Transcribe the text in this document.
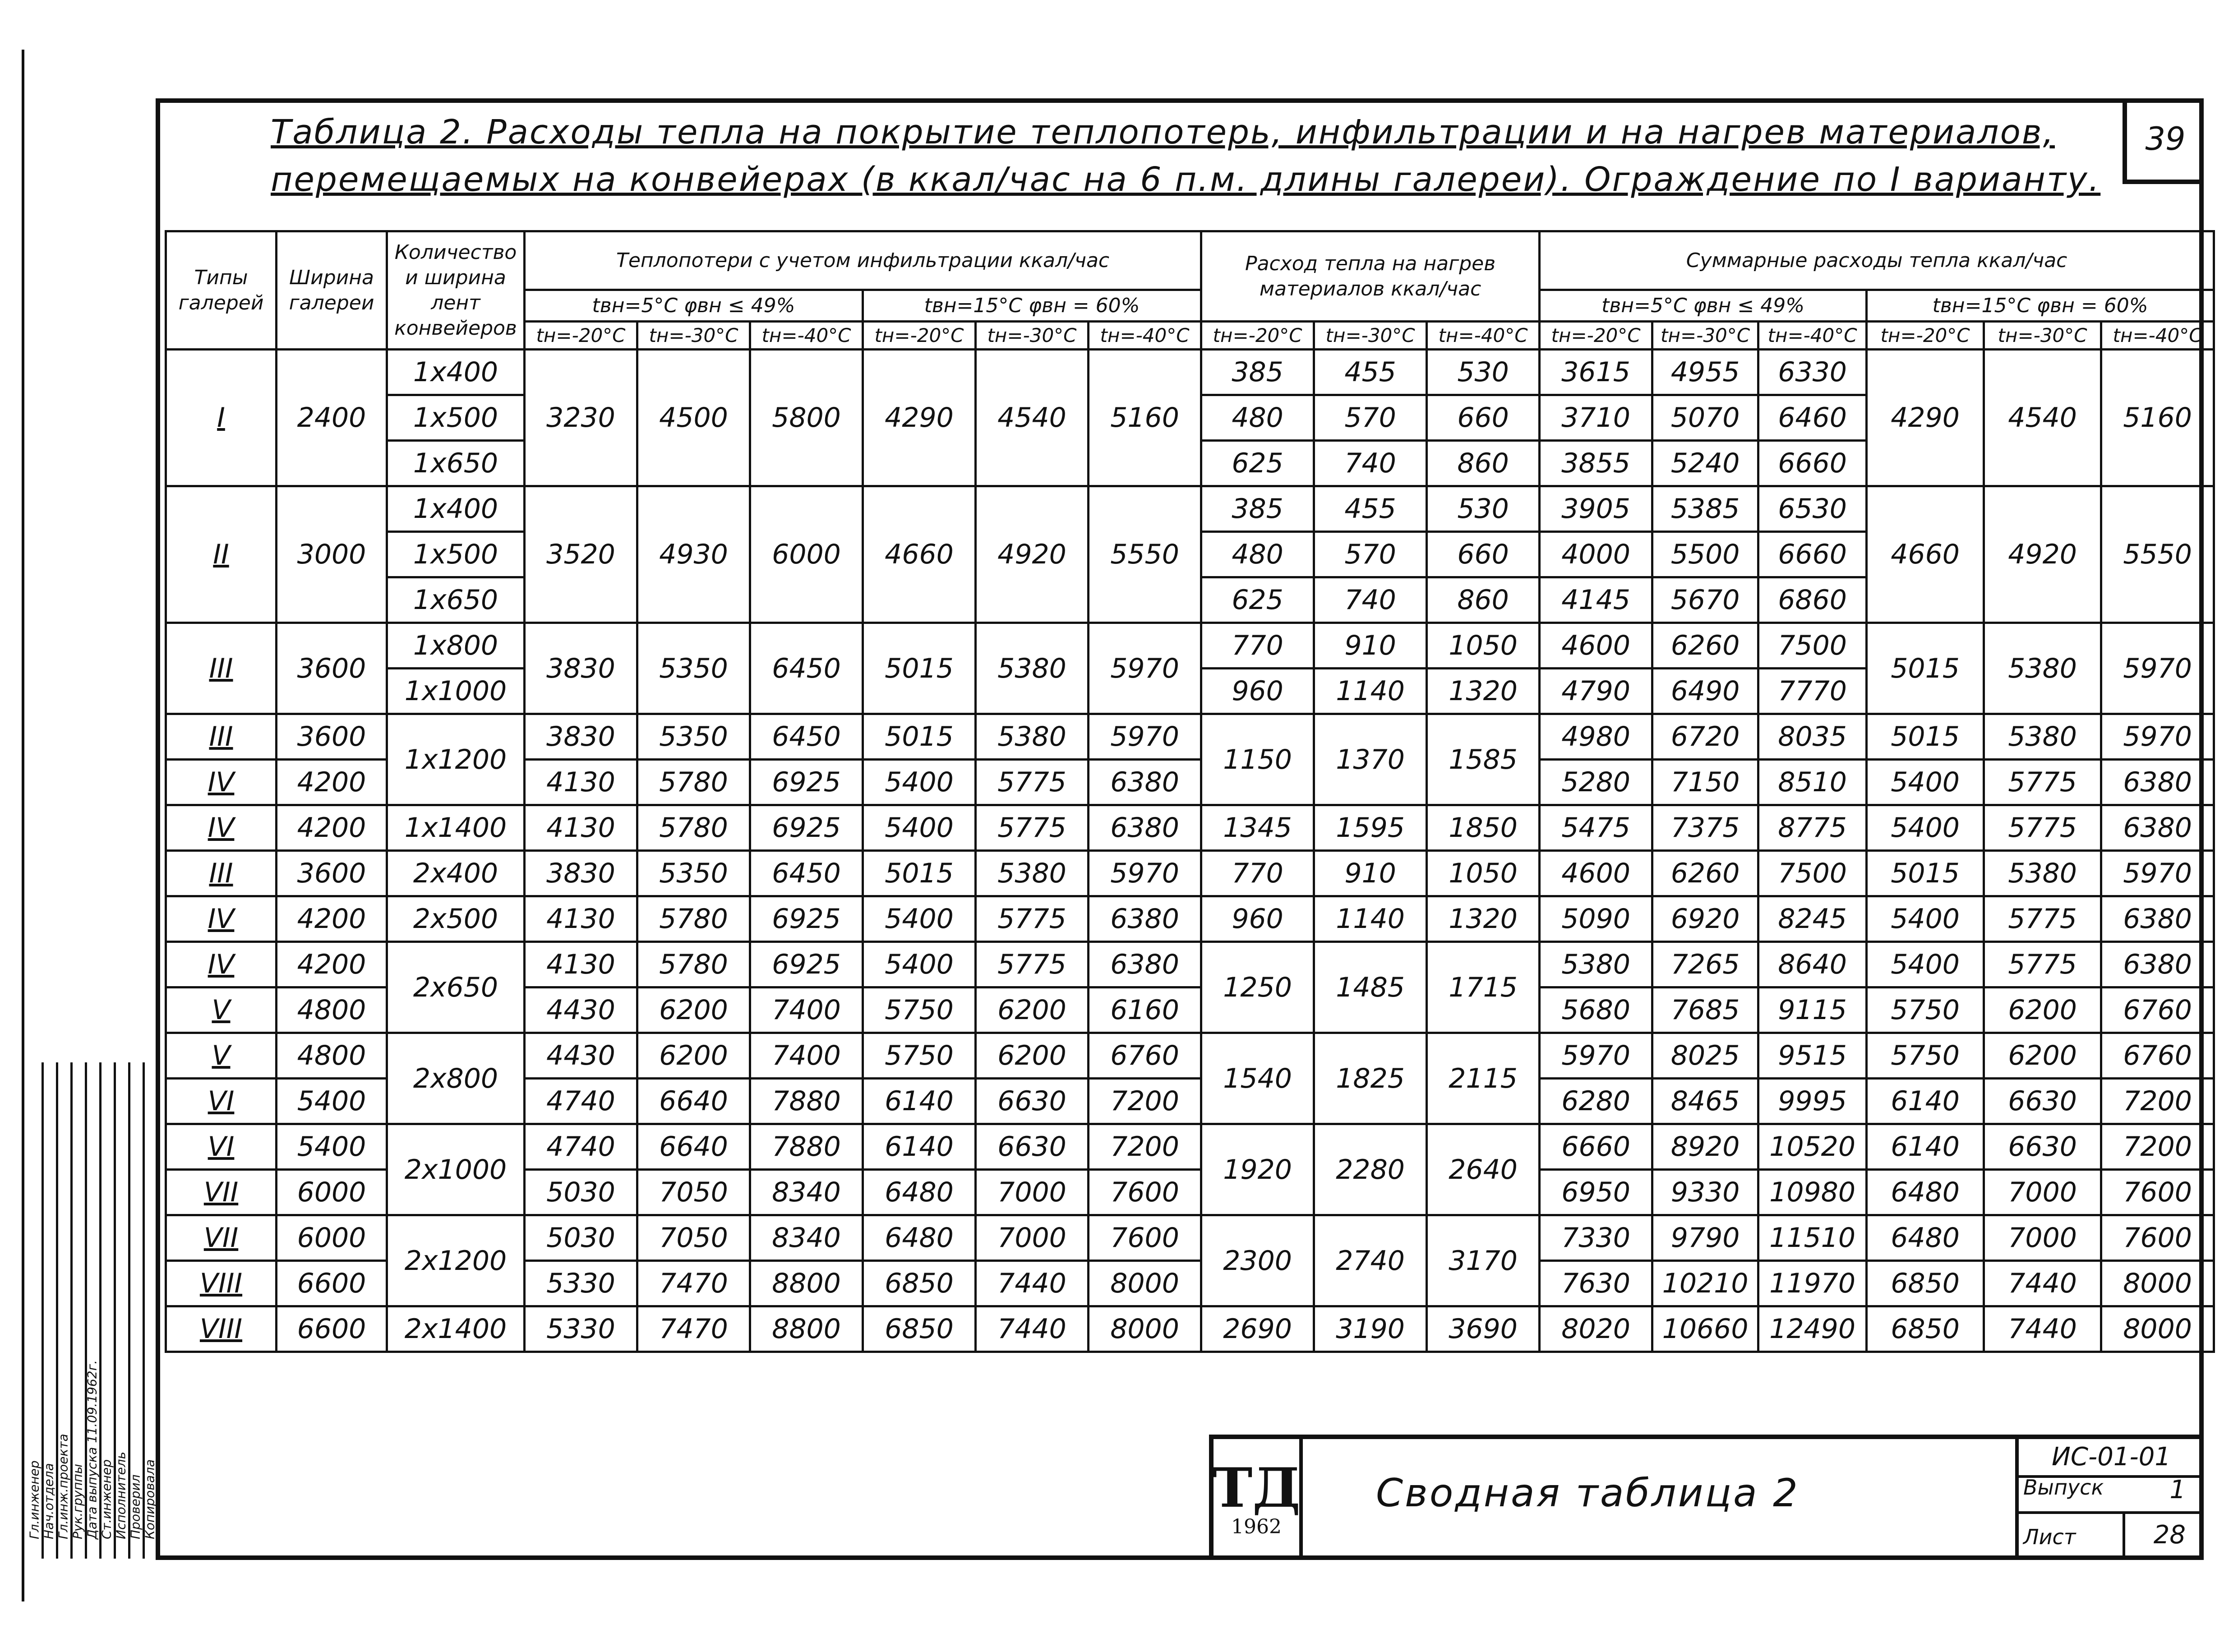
Таблица 2. Расходы тепла на покрытие теплопотерь, инфильтрации и на нагрев материалов,
перемещаемых на конвейерах (в ккал/час на 6 п.м. длины галереи). Ограждение по I варианту.
39
Типы галерей	Ширина галереи	Количество и ширина лент конвейеров	Теплопотери с учетом инфильтрации ккал/час						Расход тепла на нагрев материалов ккал/час			Суммарные расходы тепла ккал/час					
			tвн=5°С φвн ≤ 49%			tвн=15°С φвн = 60%						tвн=5°С φвн ≤ 49%			tвн=15°С φвн = 60%		
			tн=-20°С	tн=-30°С	tн=-40°С	tн=-20°С	tн=-30°С	tн=-40°С	tн=-20°С	tн=-30°С	tн=-40°С	tн=-20°С	tн=-30°С	tн=-40°С	tн=-20°С	tн=-30°С	tн=-40°С
I	2400	1x400	3230	4500	5800	4290	4540	5160	385	455	530	3615	4955	6330	4290	4540	5160
		1x500							480	570	660	3710	5070	6460			
		1x650							625	740	860	3855	5240	6660			
II	3000	1x400	3520	4930	6000	4660	4920	5550	385	455	530	3905	5385	6530	4660	4920	5550
		1x500							480	570	660	4000	5500	6660			
		1x650							625	740	860	4145	5670	6860			
III	3600	1x800	3830	5350	6450	5015	5380	5970	770	910	1050	4600	6260	7500	5015	5380	5970
		1x1000							960	1140	1320	4790	6490	7770			
III	3600	1x1200	3830	5350	6450	5015	5380	5970	1150	1370	1585	4980	6720	8035	5015	5380	5970
IV	4200		4130	5780	6925	5400	5775	6380				5280	7150	8510	5400	5775	6380
IV	4200	1x1400	4130	5780	6925	5400	5775	6380	1345	1595	1850	5475	7375	8775	5400	5775	6380
III	3600	2x400	3830	5350	6450	5015	5380	5970	770	910	1050	4600	6260	7500	5015	5380	5970
IV	4200	2x500	4130	5780	6925	5400	5775	6380	960	1140	1320	5090	6920	8245	5400	5775	6380
IV	4200	2x650	4130	5780	6925	5400	5775	6380	1250	1485	1715	5380	7265	8640	5400	5775	6380
V	4800		4430	6200	7400	5750	6200	6160				5680	7685	9115	5750	6200	6760
V	4800	2x800	4430	6200	7400	5750	6200	6760	1540	1825	2115	5970	8025	9515	5750	6200	6760
VI	5400		4740	6640	7880	6140	6630	7200				6280	8465	9995	6140	6630	7200
VI	5400	2x1000	4740	6640	7880	6140	6630	7200	1920	2280	2640	6660	8920	10520	6140	6630	7200
VII	6000		5030	7050	8340	6480	7000	7600				6950	9330	10980	6480	7000	7600
VII	6000	2x1200	5030	7050	8340	6480	7000	7600	2300	2740	3170	7330	9790	11510	6480	7000	7600
VIII	6600		5330	7470	8800	6850	7440	8000				7630	10210	11970	6850	7440	8000
VIII	6600	2x1400	5330	7470	8800	6850	7440	8000	2690	3190	3690	8020	10660	12490	6850	7440	8000
Гл.инженер Нач.отдела Гл.инж.проекта Рук.группы Дата выпуска 11.09.1962г. Ст.инженер Исполнитель Проверил Копировала	ТД
1962
Сводная таблица 2
ИС-01-01
Выпуск	1
Лист	28
